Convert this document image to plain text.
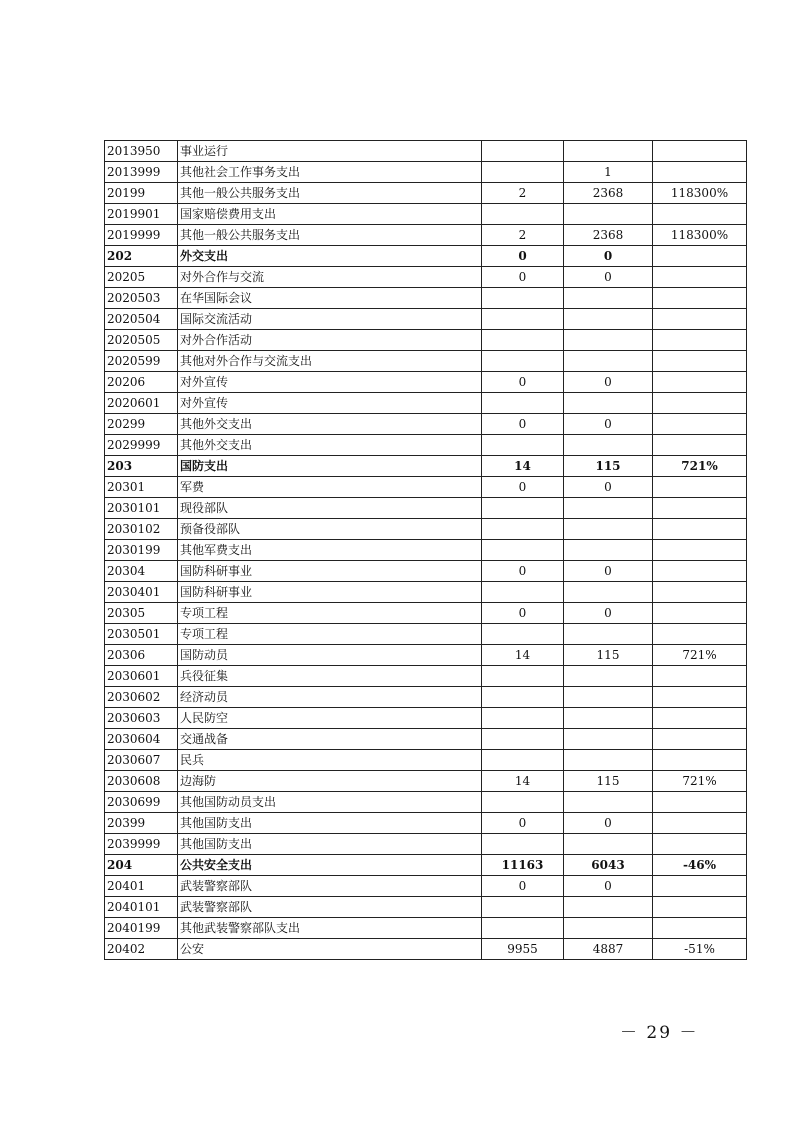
2013950	事业运行			
2013999	其他社会工作事务支出		1	
20199	其他一般公共服务支出	2	2368	118300%
2019901	国家赔偿费用支出			
2019999	其他一般公共服务支出	2	2368	118300%
202	外交支出	0	0	
20205	对外合作与交流	0	0	
2020503	在华国际会议			
2020504	国际交流活动			
2020505	对外合作活动			
2020599	其他对外合作与交流支出			
20206	对外宣传	0	0	
2020601	对外宣传			
20299	其他外交支出	0	0	
2029999	其他外交支出			
203	国防支出	14	115	721%
20301	军费	0	0	
2030101	现役部队			
2030102	预备役部队			
2030199	其他军费支出			
20304	国防科研事业	0	0	
2030401	国防科研事业			
20305	专项工程	0	0	
2030501	专项工程			
20306	国防动员	14	115	721%
2030601	兵役征集			
2030602	经济动员			
2030603	人民防空			
2030604	交通战备			
2030607	民兵			
2030608	边海防	14	115	721%
2030699	其他国防动员支出			
20399	其他国防支出	0	0	
2039999	其他国防支出			
204	公共安全支出	11163	6043	-46%
20401	武装警察部队	0	0	
2040101	武装警察部队			
2040199	其他武装警察部队支出			
20402	公安	9955	4887	-51%
－ 29 －
